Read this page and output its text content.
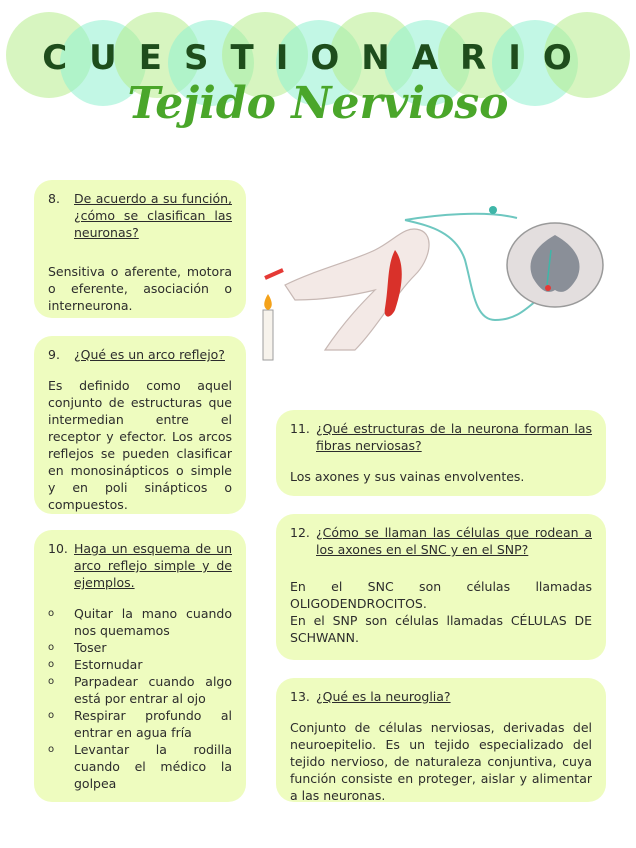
CUESTIONARIO
Tejido Nervioso
8.	De acuerdo a su función, ¿cómo se clasifican las neuronas?
Sensitiva o aferente, motora o eferente, asociación o interneurona.
9.	¿Qué es un arco reflejo?
Es definido como aquel conjunto de estructuras que intermedian entre el receptor y efector. Los arcos reflejos se pueden clasificar en monosinápticos o simple y en poli sinápticos o compuestos.
10. Haga un esquema de un arco reflejo simple y de ejemplos.
o	Quitar la mano cuando nos quemamos
o	Toser
o	Estornudar
o	Parpadear cuando algo está por entrar al ojo
o	Respirar profundo al entrar en agua fría
o	Levantar la rodilla cuando el médico la golpea
11. ¿Qué estructuras de la neurona forman las fibras nerviosas?
Los axones y sus vainas envolventes.
12. ¿Cómo se llaman las células que rodean a los axones en el SNC y en el SNP?
En el SNC son células llamadas OLIGODENDROCITOS.
En el SNP son células llamadas CÉLULAS DE SCHWANN.
13. ¿Qué es la neuroglia?
Conjunto de células nerviosas, derivadas del neuroepitelio. Es un tejido especializado del tejido nervioso, de naturaleza conjuntiva, cuya función consiste en proteger, aislar y alimentar a las neuronas.
